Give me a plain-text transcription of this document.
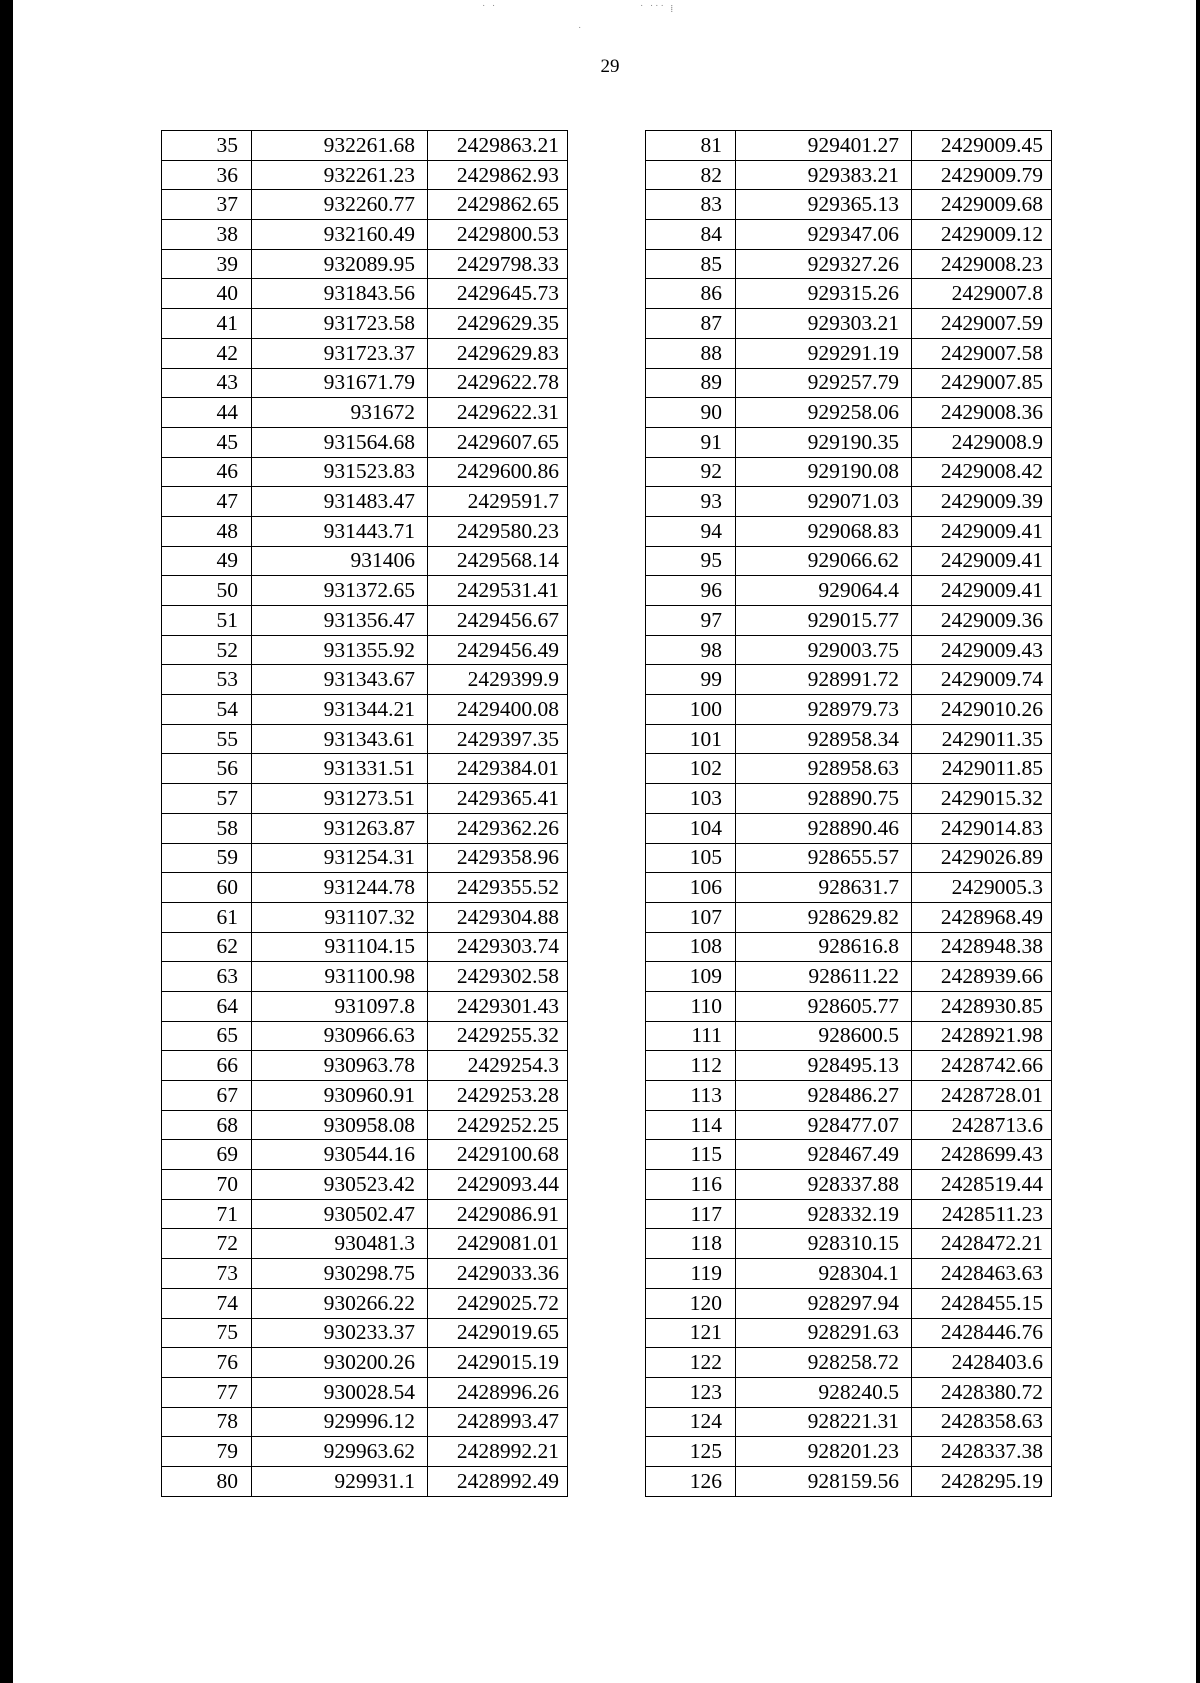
˙ ˙
˙
˙ ˙˙˙ ⁞
29
35	932261.68	2429863.21
36	932261.23	2429862.93
37	932260.77	2429862.65
38	932160.49	2429800.53
39	932089.95	2429798.33
40	931843.56	2429645.73
41	931723.58	2429629.35
42	931723.37	2429629.83
43	931671.79	2429622.78
44	931672	2429622.31
45	931564.68	2429607.65
46	931523.83	2429600.86
47	931483.47	2429591.7
48	931443.71	2429580.23
49	931406	2429568.14
50	931372.65	2429531.41
51	931356.47	2429456.67
52	931355.92	2429456.49
53	931343.67	2429399.9
54	931344.21	2429400.08
55	931343.61	2429397.35
56	931331.51	2429384.01
57	931273.51	2429365.41
58	931263.87	2429362.26
59	931254.31	2429358.96
60	931244.78	2429355.52
61	931107.32	2429304.88
62	931104.15	2429303.74
63	931100.98	2429302.58
64	931097.8	2429301.43
65	930966.63	2429255.32
66	930963.78	2429254.3
67	930960.91	2429253.28
68	930958.08	2429252.25
69	930544.16	2429100.68
70	930523.42	2429093.44
71	930502.47	2429086.91
72	930481.3	2429081.01
73	930298.75	2429033.36
74	930266.22	2429025.72
75	930233.37	2429019.65
76	930200.26	2429015.19
77	930028.54	2428996.26
78	929996.12	2428993.47
79	929963.62	2428992.21
80	929931.1	2428992.49
81	929401.27	2429009.45
82	929383.21	2429009.79
83	929365.13	2429009.68
84	929347.06	2429009.12
85	929327.26	2429008.23
86	929315.26	2429007.8
87	929303.21	2429007.59
88	929291.19	2429007.58
89	929257.79	2429007.85
90	929258.06	2429008.36
91	929190.35	2429008.9
92	929190.08	2429008.42
93	929071.03	2429009.39
94	929068.83	2429009.41
95	929066.62	2429009.41
96	929064.4	2429009.41
97	929015.77	2429009.36
98	929003.75	2429009.43
99	928991.72	2429009.74
100	928979.73	2429010.26
101	928958.34	2429011.35
102	928958.63	2429011.85
103	928890.75	2429015.32
104	928890.46	2429014.83
105	928655.57	2429026.89
106	928631.7	2429005.3
107	928629.82	2428968.49
108	928616.8	2428948.38
109	928611.22	2428939.66
110	928605.77	2428930.85
111	928600.5	2428921.98
112	928495.13	2428742.66
113	928486.27	2428728.01
114	928477.07	2428713.6
115	928467.49	2428699.43
116	928337.88	2428519.44
117	928332.19	2428511.23
118	928310.15	2428472.21
119	928304.1	2428463.63
120	928297.94	2428455.15
121	928291.63	2428446.76
122	928258.72	2428403.6
123	928240.5	2428380.72
124	928221.31	2428358.63
125	928201.23	2428337.38
126	928159.56	2428295.19
